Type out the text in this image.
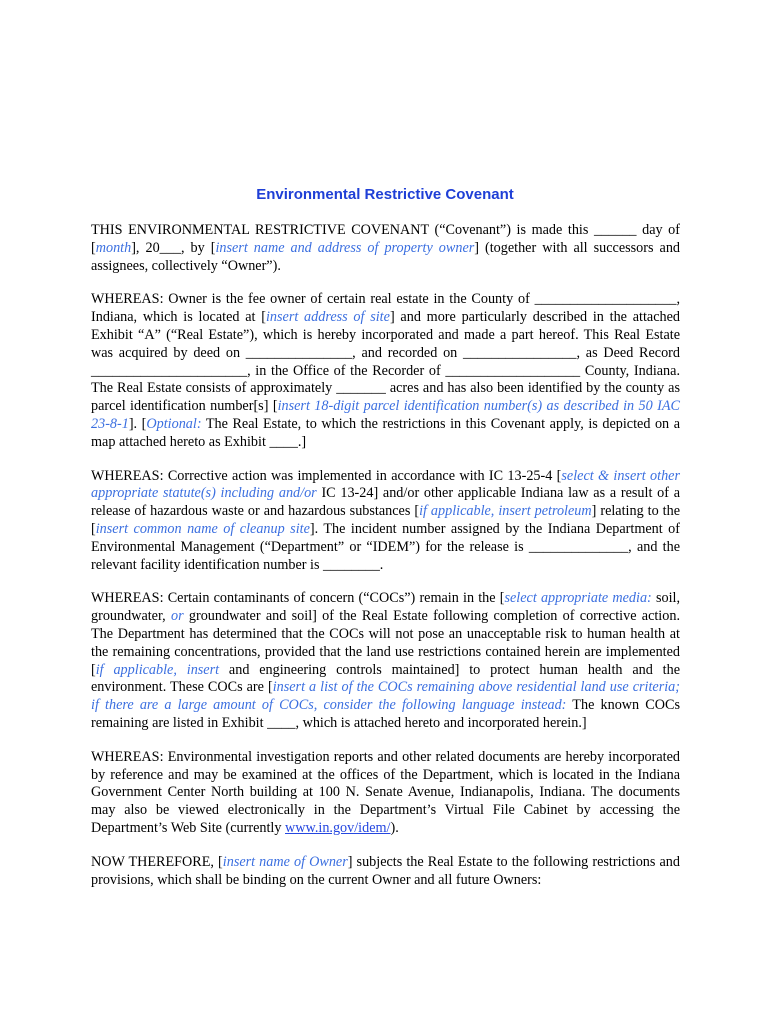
Environmental Restrictive Covenant

THIS ENVIRONMENTAL RESTRICTIVE COVENANT (“Covenant”) is made this ______ day of [month], 20___, by [insert name and address of property owner] (together with all successors and assignees, collectively “Owner”).

WHEREAS: Owner is the fee owner of certain real estate in the County of ____________________, Indiana, which is located at [insert address of site] and more particularly described in the attached Exhibit “A” (“Real Estate”), which is hereby incorporated and made a part hereof. This Real Estate was acquired by deed on _______________, and recorded on ________________, as Deed Record ______________________, in the Office of the Recorder of ___________________ County, Indiana. The Real Estate consists of approximately _______ acres and has also been identified by the county as parcel identification number[s] [insert 18-digit parcel identification number(s) as described in 50 IAC 23-8-1]. [Optional: The Real Estate, to which the restrictions in this Covenant apply, is depicted on a map attached hereto as Exhibit ____.]

WHEREAS: Corrective action was implemented in accordance with IC 13-25-4 [select & insert other appropriate statute(s) including and/or IC 13-24] and/or other applicable Indiana law as a result of a release of hazardous waste or and hazardous substances [if applicable, insert petroleum] relating to the [insert common name of cleanup site]. The incident number assigned by the Indiana Department of Environmental Management (“Department” or “IDEM”) for the release is ______________, and the relevant facility identification number is ________.

WHEREAS: Certain contaminants of concern (“COCs”) remain in the [select appropriate media: soil, groundwater, or groundwater and soil] of the Real Estate following completion of corrective action. The Department has determined that the COCs will not pose an unacceptable risk to human health at the remaining concentrations, provided that the land use restrictions contained herein are implemented [if applicable, insert and engineering controls maintained] to protect human health and the environment. These COCs are [insert a list of the COCs remaining above residential land use criteria; if there are a large amount of COCs, consider the following language instead: The known COCs remaining are listed in Exhibit ____, which is attached hereto and incorporated herein.]

WHEREAS: Environmental investigation reports and other related documents are hereby incorporated by reference and may be examined at the offices of the Department, which is located in the Indiana Government Center North building at 100 N. Senate Avenue, Indianapolis, Indiana. The documents may also be viewed electronically in the Department’s Virtual File Cabinet by accessing the Department’s Web Site (currently www.in.gov/idem/).

NOW THEREFORE, [insert name of Owner] subjects the Real Estate to the following restrictions and provisions, which shall be binding on the current Owner and all future Owners:
